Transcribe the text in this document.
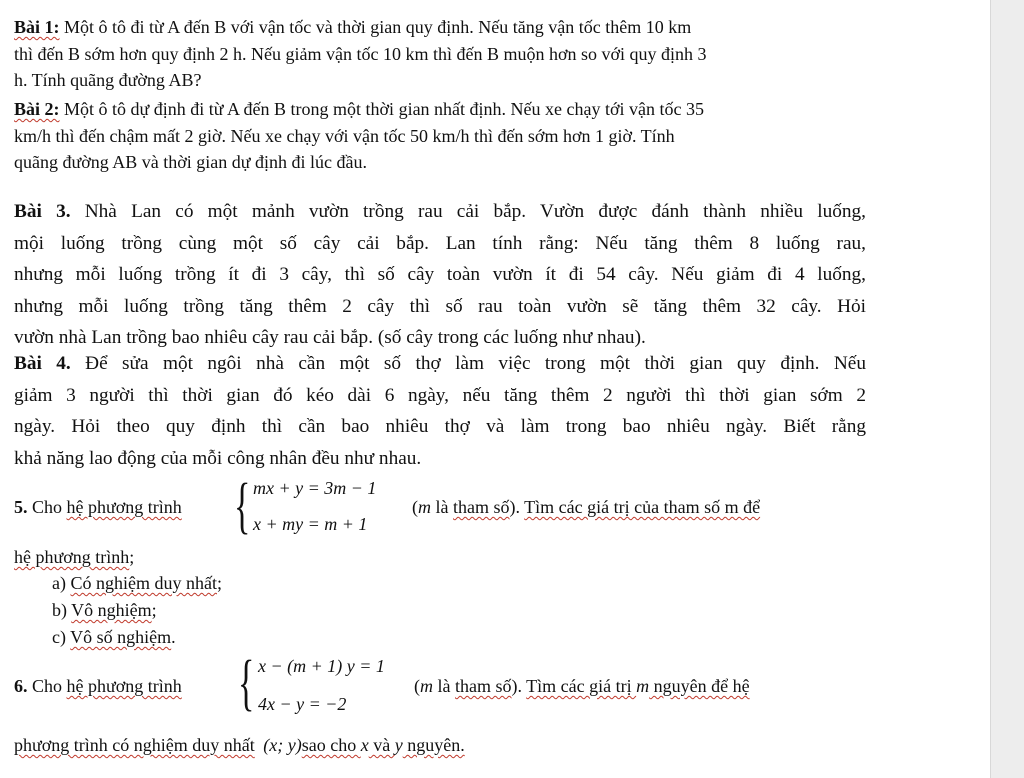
Bài 1: Một ô tô đi từ A đến B với vận tốc và thời gian quy định. Nếu tăng vận tốc thêm 10 km
thì đến B sớm hơn quy định 2 h. Nếu giảm vận tốc 10 km thì đến B muộn hơn so với quy định 3
h. Tính quãng đường AB?
Bài 2: Một ô tô dự định đi từ A đến B trong một thời gian nhất định. Nếu xe chạy tới vận tốc 35
km/h thì đến chậm mất 2 giờ. Nếu xe chạy với vận tốc 50 km/h thì đến sớm hơn 1 giờ. Tính
quãng đường AB và thời gian dự định đi lúc đầu.
Bài 3. Nhà Lan có một mảnh vườn trồng rau cải bắp. Vườn được đánh thành nhiều luống,
mội luống trồng cùng một số cây cải bắp. Lan tính rằng: Nếu tăng thêm 8 luống rau,
nhưng mỗi luống trồng ít đi 3 cây, thì số cây toàn vườn ít đi 54 cây. Nếu giảm đi 4 luống,
nhưng mỗi luống trồng tăng thêm 2 cây thì số rau toàn vườn sẽ tăng thêm 32 cây. Hỏi
vườn nhà Lan trồng bao nhiêu cây rau cải bắp. (số cây trong các luống như nhau).
Bài 4. Để sửa một ngôi nhà cần một số thợ làm việc trong một thời gian quy định. Nếu
giảm 3 người thì thời gian đó kéo dài 6 ngày, nếu tăng thêm 2 người thì thời gian sớm 2
ngày. Hỏi theo quy định thì cần bao nhiêu thợ và làm trong bao nhiêu ngày. Biết rằng
khả năng lao động của mỗi công nhân đều như nhau.
5. Cho hệ phương trình { mx + y = 3m − 1
x + my = m + 1
(m là tham số). Tìm các giá trị của tham số m để
hệ phương trình;
a) Có nghiệm duy nhất;
b) Vô nghiệm;
c) Vô số nghiệm.
6. Cho hệ phương trình { x − (m + 1) y = 1
4x − y = −2
(m là tham số). Tìm các giá trị m nguyên để hệ
phương trình có nghiệm duy nhất (x; y)sao cho x và y nguyên.
